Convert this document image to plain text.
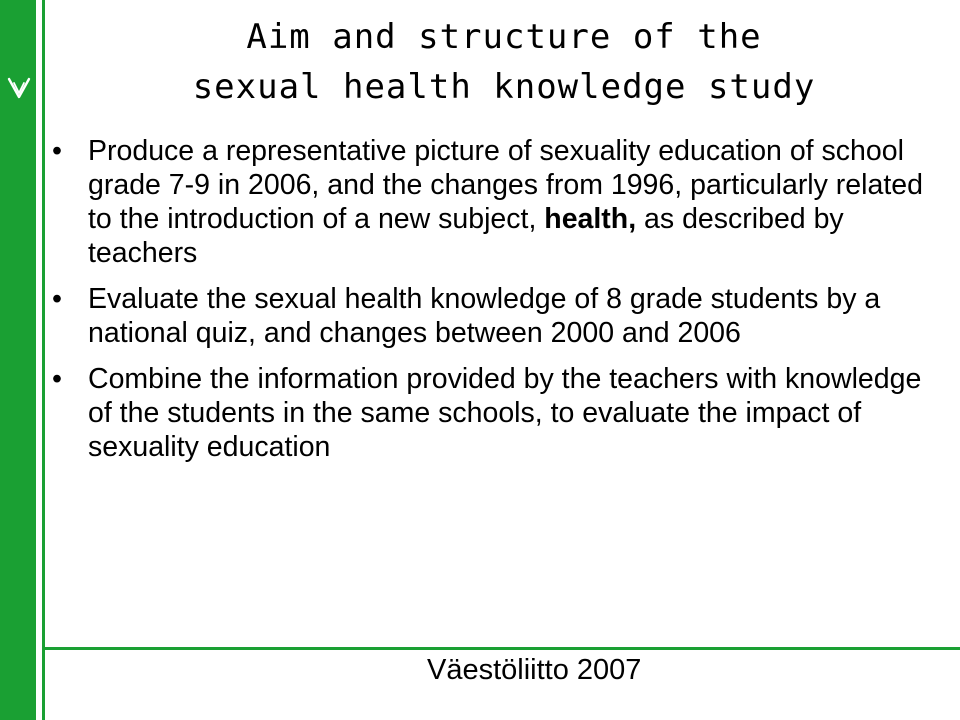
Aim and structure of the
sexual health knowledge study
• Produce a representative picture of sexuality education of school grade 7-9 in 2006, and the changes from 1996, particularly related to the introduction of a new subject, health, as described by teachers
• Evaluate the sexual health knowledge of 8 grade students by a national quiz, and changes between 2000 and 2006
• Combine the information provided by the teachers with knowledge of the students in the same schools, to evaluate the impact of sexuality education
Väestöliitto 2007
